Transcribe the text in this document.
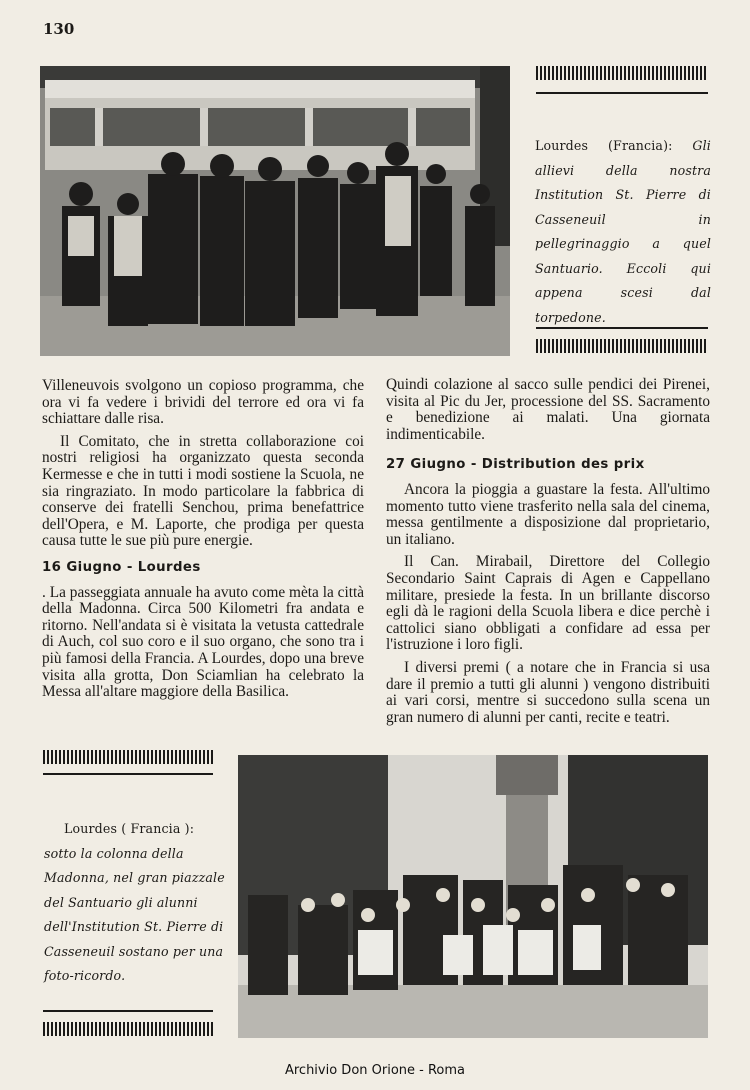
130
Lourdes (Francia): Gli allievi della nostra Institution St. Pierre di Casseneuil in pellegrinaggio a quel Santuario. Eccoli qui appena scesi dal torpedone.

Villeneuvois svolgono un copioso programma, che ora vi fa vedere i brividi del terrore ed ora vi fa schiattare dalle risa.

Il Comitato, che in stretta collaborazione coi nostri religiosi ha organizzato questa seconda Kermesse e che in tutti i modi sostiene la Scuola, ne sia ringraziato. In modo particolare la fabbrica di conserve dei fratelli Senchou, prima benefattrice dell'Opera, e M. Laporte, che prodiga per questa causa tutte le sue più pure energie.

16 Giugno - Lourdes

. La passeggiata annuale ha avuto come mèta la città della Madonna. Circa 500 Kilometri fra andata e ritorno. Nell'andata si è visitata la vetusta cattedrale di Auch, col suo coro e il suo organo, che sono tra i più famosi della Francia. A Lourdes, dopo una breve visita alla grotta, Don Sciamlian ha celebrato la Messa all'altare maggiore della Basilica.

Quindi colazione al sacco sulle pendici dei Pirenei, visita al Pic du Jer, processione del SS. Sacramento e benedizione ai malati. Una giornata indimenticabile.

27 Giugno - Distribution des prix

Ancora la pioggia a guastare la festa. All'ultimo momento tutto viene trasferito nella sala del cinema, messa gentilmente a disposizione dal proprietario, un italiano.

Il Can. Mirabail, Direttore del Collegio Secondario Saint Caprais di Agen e Cappellano militare, presiede la festa. In un brillante discorso egli dà le ragioni della Scuola libera e dice perchè i cattolici siano obbligati a confidare ad essa per l'istruzione i loro figli.

I diversi premi ( a notare che in Francia si usa dare il premio a tutti gli alunni ) vengono distribuiti ai vari corsi, mentre si succedono sulla scena un gran numero di alunni per canti, recite e teatri.

Lourdes ( Francia ): sotto la colonna della Madonna, nel gran piazzale del Santuario gli alunni dell'Institution St. Pierre di Casseneuil sostano per una foto-ricordo.
Archivio Don Orione - Roma
